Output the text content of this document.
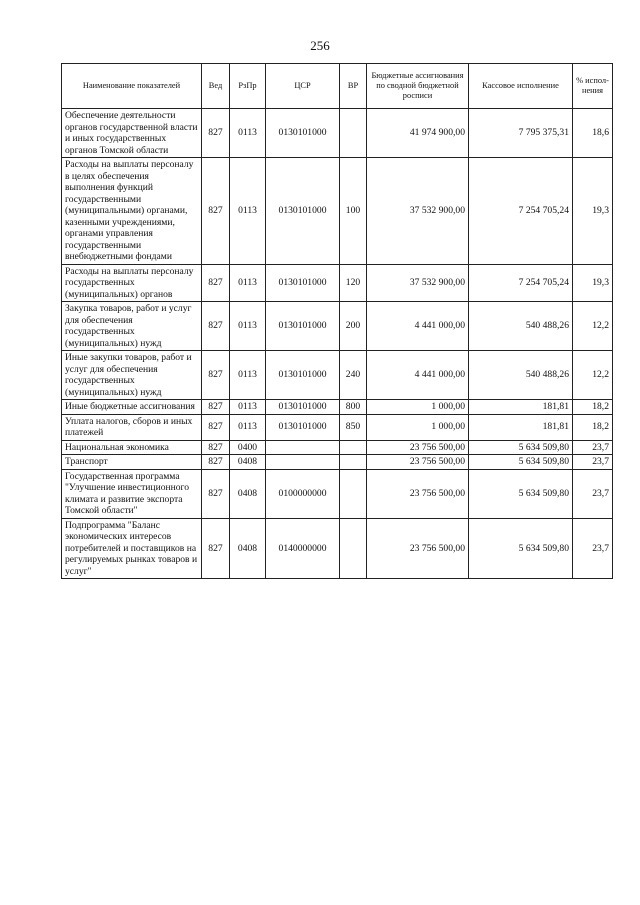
256
Наименование показателей	Вед	РзПр	ЦСР	ВР	Бюджетные ассигнования по сводной бюджетной росписи	Кассовое исполнение	% испол- нения
Обеспечение деятельности органов государственной власти и иных государственных органов Томской области	827	0113	0130101000		41 974 900,00	7 795 375,31	18,6
Расходы на выплаты персоналу в целях обеспечения выполнения функций государственными (муниципальными) органами, казенными учреждениями, органами управления государственными внебюджетными фондами	827	0113	0130101000	100	37 532 900,00	7 254 705,24	19,3
Расходы на выплаты персоналу государственных (муниципальных) органов	827	0113	0130101000	120	37 532 900,00	7 254 705,24	19,3
Закупка товаров, работ и услуг для обеспечения государственных (муниципальных) нужд	827	0113	0130101000	200	4 441 000,00	540 488,26	12,2
Иные закупки товаров, работ и услуг для обеспечения государственных (муниципальных) нужд	827	0113	0130101000	240	4 441 000,00	540 488,26	12,2
Иные бюджетные ассигнования	827	0113	0130101000	800	1 000,00	181,81	18,2
Уплата налогов, сборов и иных платежей	827	0113	0130101000	850	1 000,00	181,81	18,2
Национальная экономика	827	0400			23 756 500,00	5 634 509,80	23,7
Транспорт	827	0408			23 756 500,00	5 634 509,80	23,7
Государственная программа "Улучшение инвестиционного климата и развитие экспорта Томской области"	827	0408	0100000000		23 756 500,00	5 634 509,80	23,7
Подпрограмма "Баланс экономических интересов потребителей и поставщиков на регулируемых рынках товаров и услуг"	827	0408	0140000000		23 756 500,00	5 634 509,80	23,7
